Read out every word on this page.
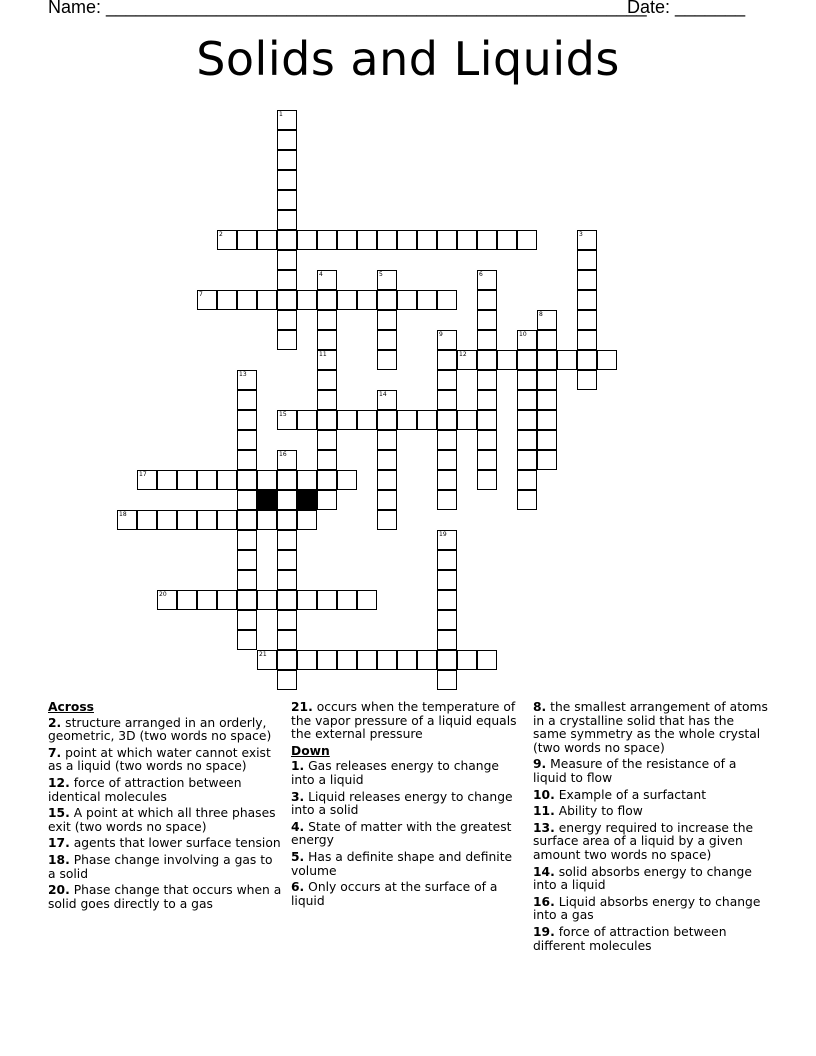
Name: ______________________________________________________
Date: _______
Solids and Liquids
1
2	3
4	5	6
7
8
9	10
11	12
13
14
15
16
17
18
19
20
21
Across
2. structure arranged in an orderly, geometric, 3D (two words no space)
7. point at which water cannot exist as a liquid (two words no space)
12. force of attraction between identical molecules
15. A point at which all three phases exit (two words no space)
17. agents that lower surface tension
18. Phase change involving a gas to a solid
20. Phase change that occurs when a solid goes directly to a gas
21. occurs when the temperature of the vapor pressure of a liquid equals the external pressure
Down
1. Gas releases energy to change into a liquid
3. Liquid releases energy to change into a solid
4. State of matter with the greatest energy
5. Has a definite shape and definite volume
6. Only occurs at the surface of a liquid
8. the smallest arrangement of atoms in a crystalline solid that has the same symmetry as the whole crystal (two words no space)
9. Measure of the resistance of a liquid to flow
10. Example of a surfactant
11. Ability to flow
13. energy required to increase the surface area of a liquid by a given amount two words no space)
14. solid absorbs energy to change into a liquid
16. Liquid absorbs energy to change into a gas
19. force of attraction between different molecules
